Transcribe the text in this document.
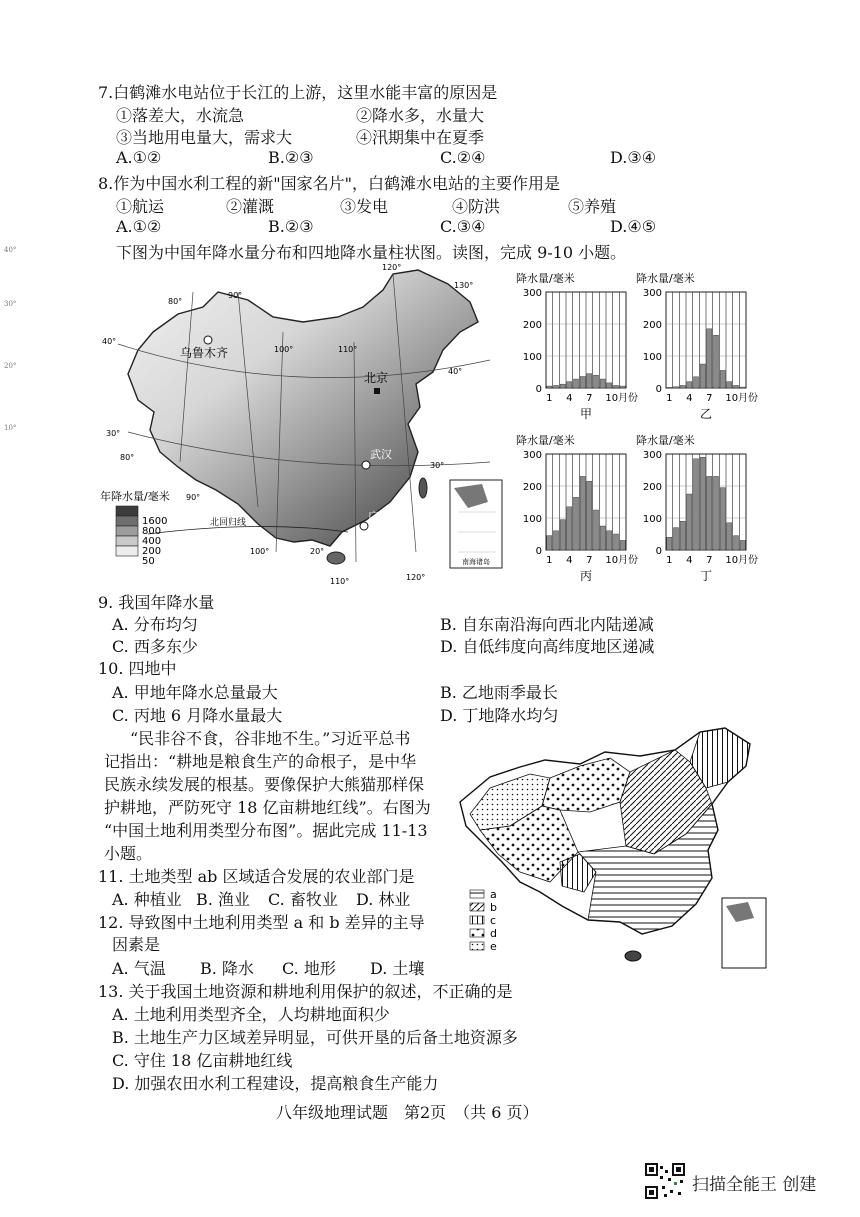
40°
30°
20°
10°
7.白鹤滩水电站位于长江的上游，这里水能丰富的原因是
①落差大，水流急	②降水多，水量大
③当地用电量大，需求大	④汛期集中在夏季
A.①②	B.②③	C.②④	D.③④
8.作为中国水利工程的新"国家名片"，白鹤滩水电站的主要作用是
①航运	②灌溉	③发电	④防洪	⑤养殖
A.①②	B.②③	C.③④	D.④⑤
下图为中国年降水量分布和四地降水量柱状图。读图，完成 9-10 小题。
80°
90°
100°	110°
120°
130°
90°
100°
110°	120°
80°
40°
30°
20°
40°
30°
乌鲁木齐
北京
武汉
广州
北回归线
年降水量/毫米
1600
800
400
200
50	南海诸岛
降水量/毫米
300
200
100
0
1 4 7 10月份
甲
降水量/毫米
300
200
100
0
1 4 7 10月份
乙
降水量/毫米
300
200
100
0
1 4 7 10月份
丙
降水量/毫米
300
200
100
0
1 4 7 10月份
丁
9. 我国年降水量
A. 分布均匀	B. 自东南沿海向西北内陆递减
C. 西多东少	D. 自低纬度向高纬度地区递减
10. 四地中
A. 甲地年降水总量最大	B. 乙地雨季最长
C. 丙地 6 月降水量最大	D. 丁地降水均匀
“民非谷不食，谷非地不生。”习近平总书
记指出：“耕地是粮食生产的命根子，是中华
民族永续发展的根基。要像保护大熊猫那样保
护耕地，严防死守 18 亿亩耕地红线”。右图为
“中国土地利用类型分布图”。据此完成 11-13
小题。
a
b
c
d
e
11. 土地类型 ab 区域适合发展的农业部门是
A. 种植业 B. 渔业 C. 畜牧业 D. 林业
12. 导致图中土地利用类型 a 和 b 差异的主导
因素是
A. 气温 B. 降水 C. 地形 D. 土壤
13. 关于我国土地资源和耕地利用保护的叙述，不正确的是
A. 土地利用类型齐全，人均耕地面积少
B. 土地生产力区域差异明显，可供开垦的后备土地资源多
C. 守住 18 亿亩耕地红线
D. 加强农田水利工程建设，提高粮食生产能力
八年级地理试题　第2页　（共 6 页）
扫描全能王 创建
